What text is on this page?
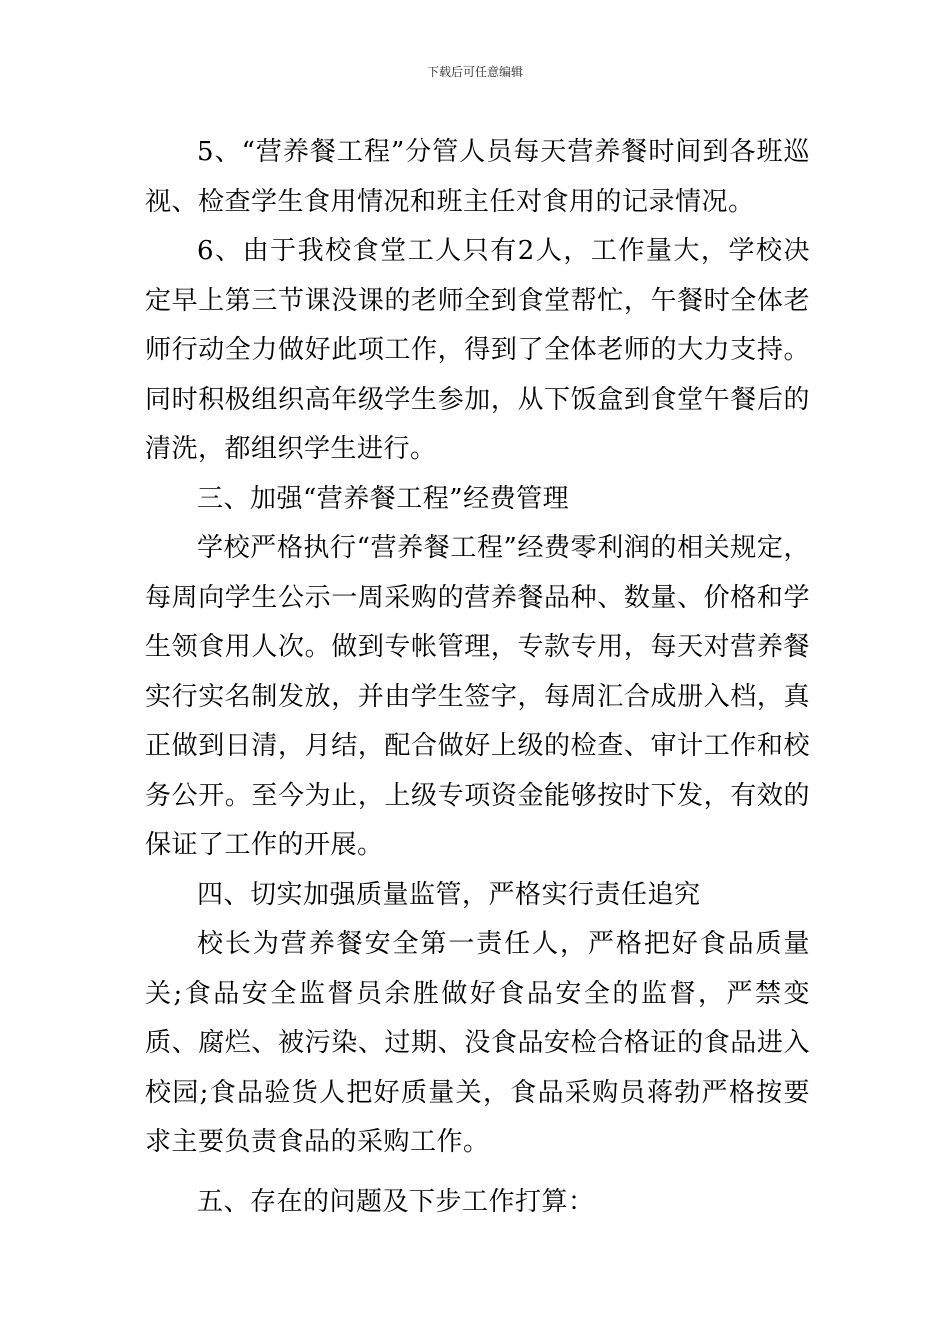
下载后可任意编辑

5、“营养餐工程”分管人员每天营养餐时间到各班巡视、检查学生食用情况和班主任对食用的记录情况。

6、由于我校食堂工人只有2人，工作量大，学校决定早上第三节课没课的老师全到食堂帮忙，午餐时全体老师行动全力做好此项工作，得到了全体老师的大力支持。同时积极组织高年级学生参加，从下饭盒到食堂午餐后的清洗，都组织学生进行。

三、加强“营养餐工程”经费管理

学校严格执行“营养餐工程”经费零利润的相关规定，每周向学生公示一周采购的营养餐品种、数量、价格和学生领食用人次。做到专帐管理，专款专用，每天对营养餐实行实名制发放，并由学生签字，每周汇合成册入档，真正做到日清，月结，配合做好上级的检查、审计工作和校务公开。至今为止，上级专项资金能够按时下发，有效的保证了工作的开展。

四、切实加强质量监管，严格实行责任追究

校长为营养餐安全第一责任人，严格把好食品质量关;食品安全监督员余胜做好食品安全的监督，严禁变质、腐烂、被污染、过期、没食品安检合格证的食品进入校园;食品验货人把好质量关，食品采购员蒋勃严格按要求主要负责食品的采购工作。

五、存在的问题及下步工作打算：
